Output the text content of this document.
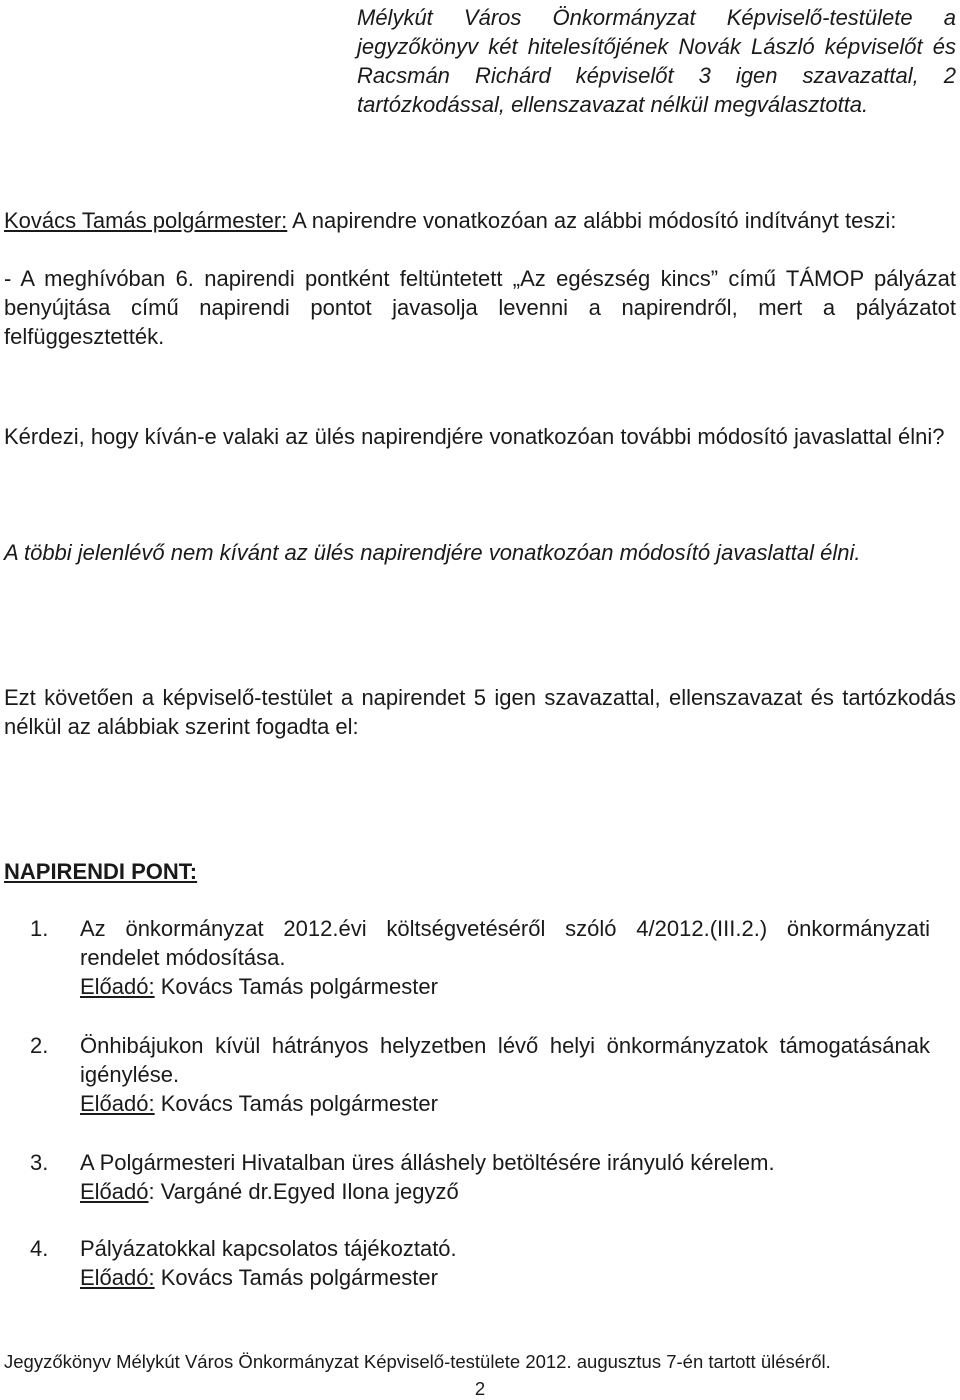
Mélykút Város Önkormányzat Képviselő-testülete a jegyzőkönyv két hitelesítőjének Novák László képviselőt és Racsmán Richárd képviselőt 3 igen szavazattal, 2 tartózkodással, ellenszavazat nélkül megválasztotta.

Kovács Tamás polgármester: A napirendre vonatkozóan az alábbi módosító indítványt teszi:

- A meghívóban 6. napirendi pontként feltüntetett „Az egészség kincs” című TÁMOP pályázat benyújtása című napirendi pontot javasolja levenni a napirendről, mert a pályázatot felfüggesztették.

Kérdezi, hogy kíván-e valaki az ülés napirendjére vonatkozóan további módosító javaslattal élni?

A többi jelenlévő nem kívánt az ülés napirendjére vonatkozóan módosító javaslattal élni.

Ezt követően a képviselő-testület a napirendet 5 igen szavazattal, ellenszavazat és tartózkodás nélkül az alábbiak szerint fogadta el:

NAPIRENDI PONT:
1. Az önkormányzat 2012.évi költségvetéséről szóló 4/2012.(III.2.) önkormányzati rendelet módosítása.
Előadó: Kovács Tamás polgármester
2. Önhibájukon kívül hátrányos helyzetben lévő helyi önkormányzatok támogatásának igénylése.
Előadó: Kovács Tamás polgármester
3. A Polgármesteri Hivatalban üres álláshely betöltésére irányuló kérelem.
Előadó: Vargáné dr.Egyed Ilona jegyző
4. Pályázatokkal kapcsolatos tájékoztató.
Előadó: Kovács Tamás polgármester
Jegyzőkönyv Mélykút Város Önkormányzat Képviselő-testülete 2012. augusztus 7-én tartott üléséről.
2
